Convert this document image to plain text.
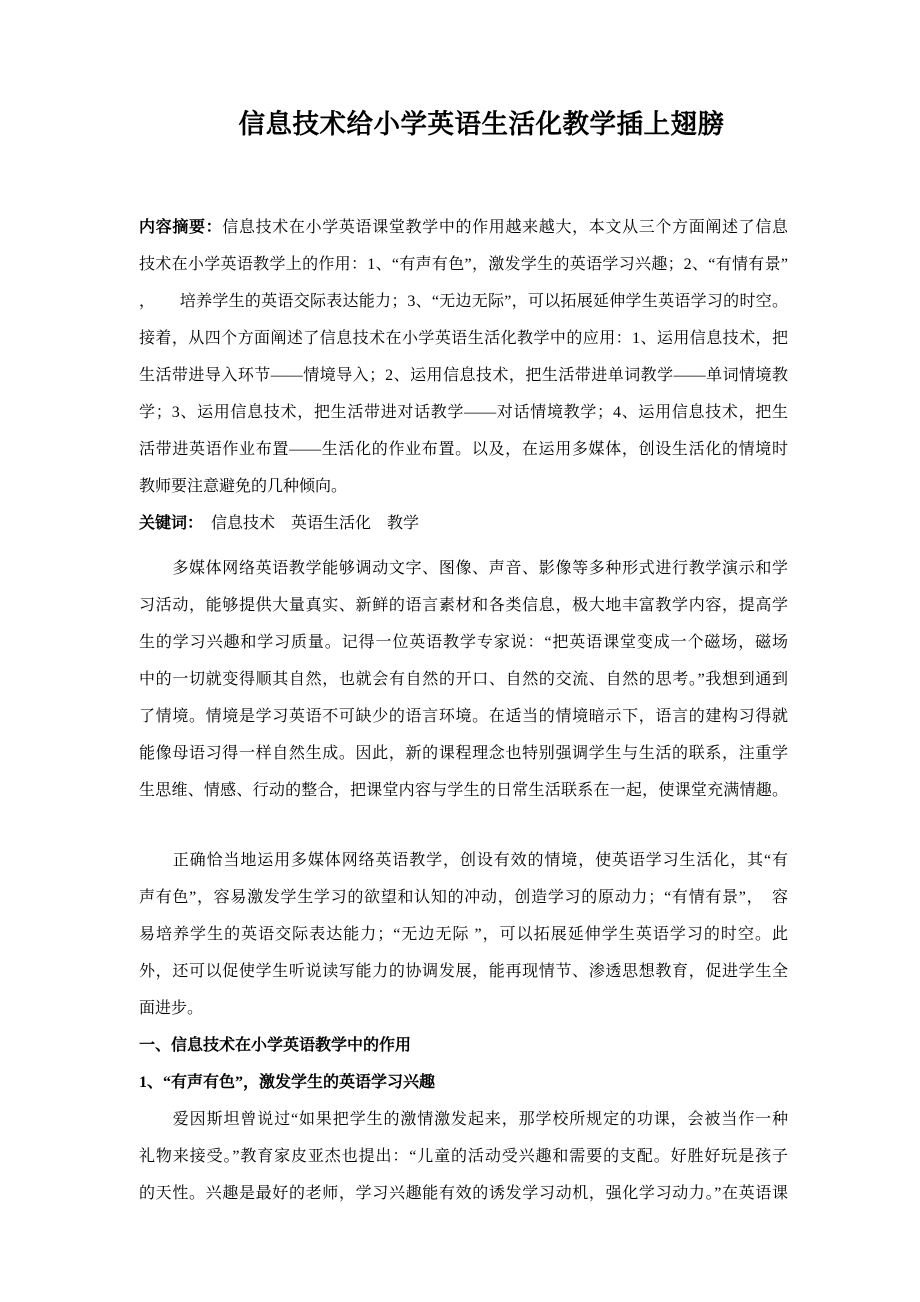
信息技术给小学英语生活化教学插上翅膀
内容摘要：信息技术在小学英语课堂教学中的作用越来越大，本文从三个方面阐述了信息
技术在小学英语教学上的作用：1、“有声有色”，激发学生的英语学习兴趣；2、“有情有景”
，　　培养学生的英语交际表达能力；3、“无边无际”，可以拓展延伸学生英语学习的时空。
接着，从四个方面阐述了信息技术在小学英语生活化教学中的应用：1、运用信息技术，把
生活带进导入环节——情境导入；2、运用信息技术，把生活带进单词教学——单词情境教
学；3、运用信息技术，把生活带进对话教学——对话情境教学；4、运用信息技术，把生
活带进英语作业布置——生活化的作业布置。以及，在运用多媒体，创设生活化的情境时
教师要注意避免的几种倾向。
关键词：　信息技术　英语生活化　教学
　　多媒体网络英语教学能够调动文字、图像、声音、影像等多种形式进行教学演示和学
习活动，能够提供大量真实、新鲜的语言素材和各类信息，极大地丰富教学内容，提高学
生的学习兴趣和学习质量。记得一位英语教学专家说：“把英语课堂变成一个磁场，磁场
中的一切就变得顺其自然，也就会有自然的开口、自然的交流、自然的思考。”我想到通到
了情境。情境是学习英语不可缺少的语言环境。在适当的情境暗示下，语言的建构习得就
能像母语习得一样自然生成。因此，新的课程理念也特别强调学生与生活的联系，注重学
生思维、情感、行动的整合，把课堂内容与学生的日常生活联系在一起，使课堂充满情趣。
　　正确恰当地运用多媒体网络英语教学，创设有效的情境，使英语学习生活化，其“有
声有色”，容易激发学生学习的欲望和认知的冲动，创造学习的原动力；“有情有景”，　容
易培养学生的英语交际表达能力；“无边无际 ”，可以拓展延伸学生英语学习的时空。此
外，还可以促使学生听说读写能力的协调发展，能再现情节、渗透思想教育，促进学生全
面进步。
一、信息技术在小学英语教学中的作用
1、“有声有色”，激发学生的英语学习兴趣
　　爱因斯坦曾说过“如果把学生的激情激发起来，那学校所规定的功课，会被当作一种
礼物来接受。”教育家皮亚杰也提出：“儿童的活动受兴趣和需要的支配。好胜好玩是孩子
的天性。兴趣是最好的老师，学习兴趣能有效的诱发学习动机，强化学习动力。”在英语课
